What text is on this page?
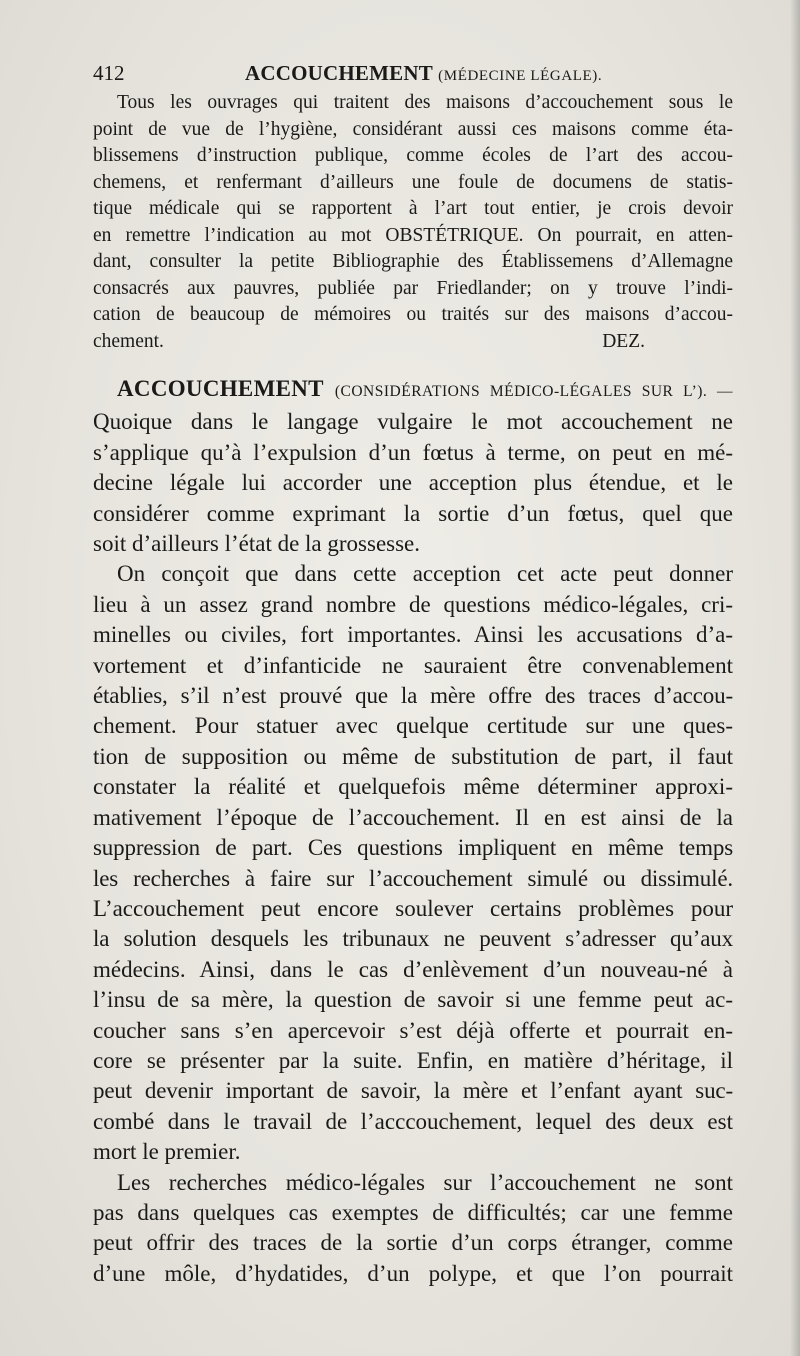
412	ACCOUCHEMENT (MÉDECINE LÉGALE).
Tous les ouvrages qui traitent des maisons d’accouchement sous le
point de vue de l’hygiène, considérant aussi ces maisons comme éta-
blissemens d’instruction publique, comme écoles de l’art des accou-
chemens, et renfermant d’ailleurs une foule de documens de statis-
tique médicale qui se rapportent à l’art tout entier, je crois devoir
en remettre l’indication au mot OBSTÉTRIQUE. On pourrait, en atten-
dant, consulter la petite Bibliographie des Établissemens d’Allemagne
consacrés aux pauvres, publiée par Friedlander; on y trouve l’indi-
cation de beaucoup de mémoires ou traités sur des maisons d’accou-
chement.	DEZ.
ACCOUCHEMENT (CONSIDÉRATIONS MÉDICO-LÉGALES SUR L’). —
Quoique dans le langage vulgaire le mot accouchement ne
s’applique qu’à l’expulsion d’un fœtus à terme, on peut en mé-
decine légale lui accorder une acception plus étendue, et le
considérer comme exprimant la sortie d’un fœtus, quel que
soit d’ailleurs l’état de la grossesse.
On conçoit que dans cette acception cet acte peut donner
lieu à un assez grand nombre de questions médico-légales, cri-
minelles ou civiles, fort importantes. Ainsi les accusations d’a-
vortement et d’infanticide ne sauraient être convenablement
établies, s’il n’est prouvé que la mère offre des traces d’accou-
chement. Pour statuer avec quelque certitude sur une ques-
tion de supposition ou même de substitution de part, il faut
constater la réalité et quelquefois même déterminer approxi-
mativement l’époque de l’accouchement. Il en est ainsi de la
suppression de part. Ces questions impliquent en même temps
les recherches à faire sur l’accouchement simulé ou dissimulé.
L’accouchement peut encore soulever certains problèmes pour
la solution desquels les tribunaux ne peuvent s’adresser qu’aux
médecins. Ainsi, dans le cas d’enlèvement d’un nouveau-né à
l’insu de sa mère, la question de savoir si une femme peut ac-
coucher sans s’en apercevoir s’est déjà offerte et pourrait en-
core se présenter par la suite. Enfin, en matière d’héritage, il
peut devenir important de savoir, la mère et l’enfant ayant suc-
combé dans le travail de l’acccouchement, lequel des deux est
mort le premier.
Les recherches médico-légales sur l’accouchement ne sont
pas dans quelques cas exemptes de difficultés; car une femme
peut offrir des traces de la sortie d’un corps étranger, comme
d’une môle, d’hydatides, d’un polype, et que l’on pourrait
